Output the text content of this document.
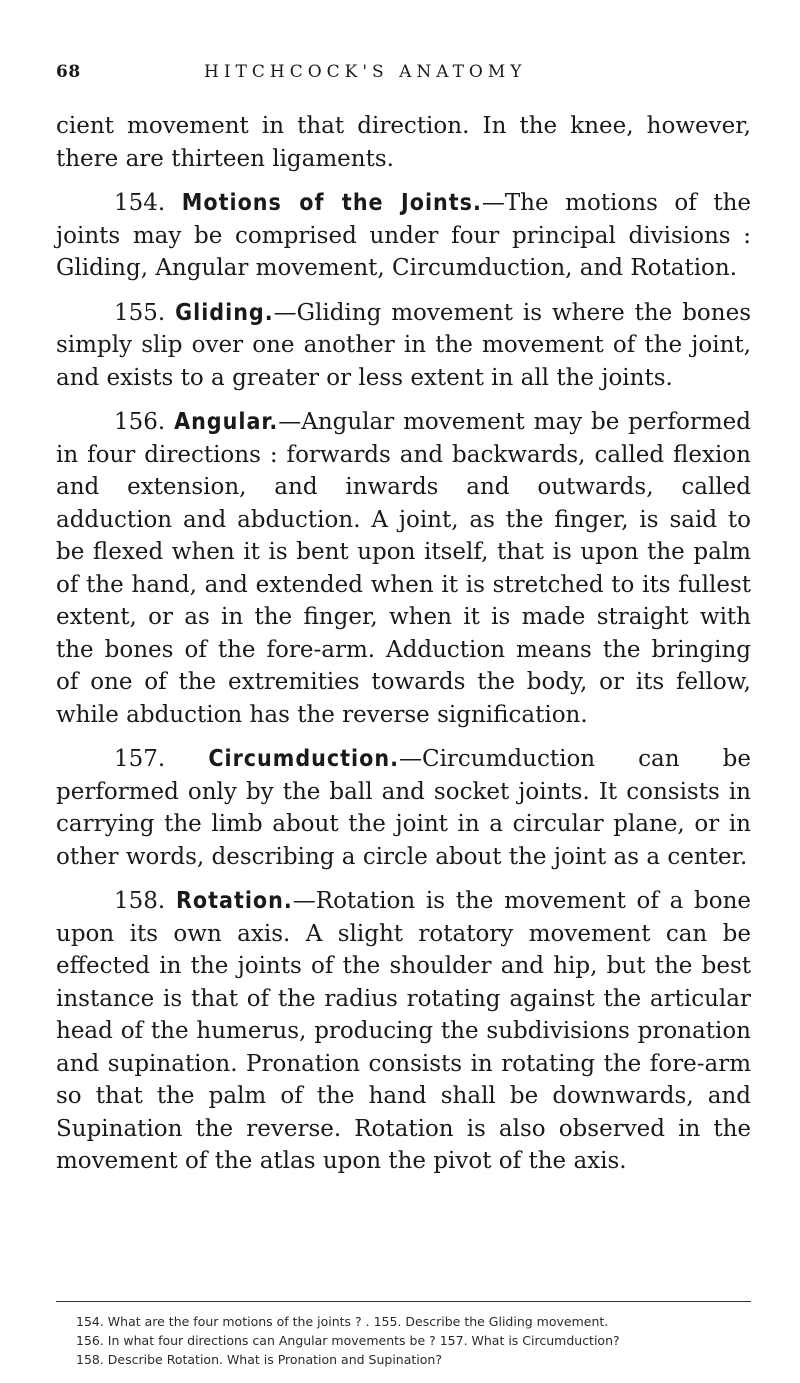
68	HITCHCOCK'S ANATOMY

cient movement in that direction. In the knee, however, there are thirteen ligaments.

154. Motions of the Joints.—The motions of the joints may be comprised under four principal divisions : Gliding, Angular movement, Circumduction, and Rotation.

155. Gliding.—Gliding movement is where the bones simply slip over one another in the movement of the joint, and exists to a greater or less extent in all the joints.

156. Angular.—Angular movement may be performed in four directions : forwards and backwards, called flexion and extension, and inwards and outwards, called adduction and abduction. A joint, as the finger, is said to be flexed when it is bent upon itself, that is upon the palm of the hand, and extended when it is stretched to its fullest extent, or as in the finger, when it is made straight with the bones of the fore-arm. Adduction means the bringing of one of the extremities towards the body, or its fellow, while abduction has the reverse signification.

157. Circumduction.—Circumduction can be performed only by the ball and socket joints. It consists in carrying the limb about the joint in a circular plane, or in other words, describing a circle about the joint as a center.

158. Rotation.—Rotation is the movement of a bone upon its own axis. A slight rotatory movement can be effected in the joints of the shoulder and hip, but the best instance is that of the radius rotating against the articular head of the humerus, producing the subdivisions pronation and supination. Pronation consists in rotating the fore-arm so that the palm of the hand shall be downwards, and Supination the reverse. Rotation is also observed in the movement of the atlas upon the pivot of the axis.

154. What are the four motions of the joints ? . 155. Describe the Gliding movement.
156. In what four directions can Angular movements be ? 157. What is Circumduction?
158. Describe Rotation. What is Pronation and Supination?
